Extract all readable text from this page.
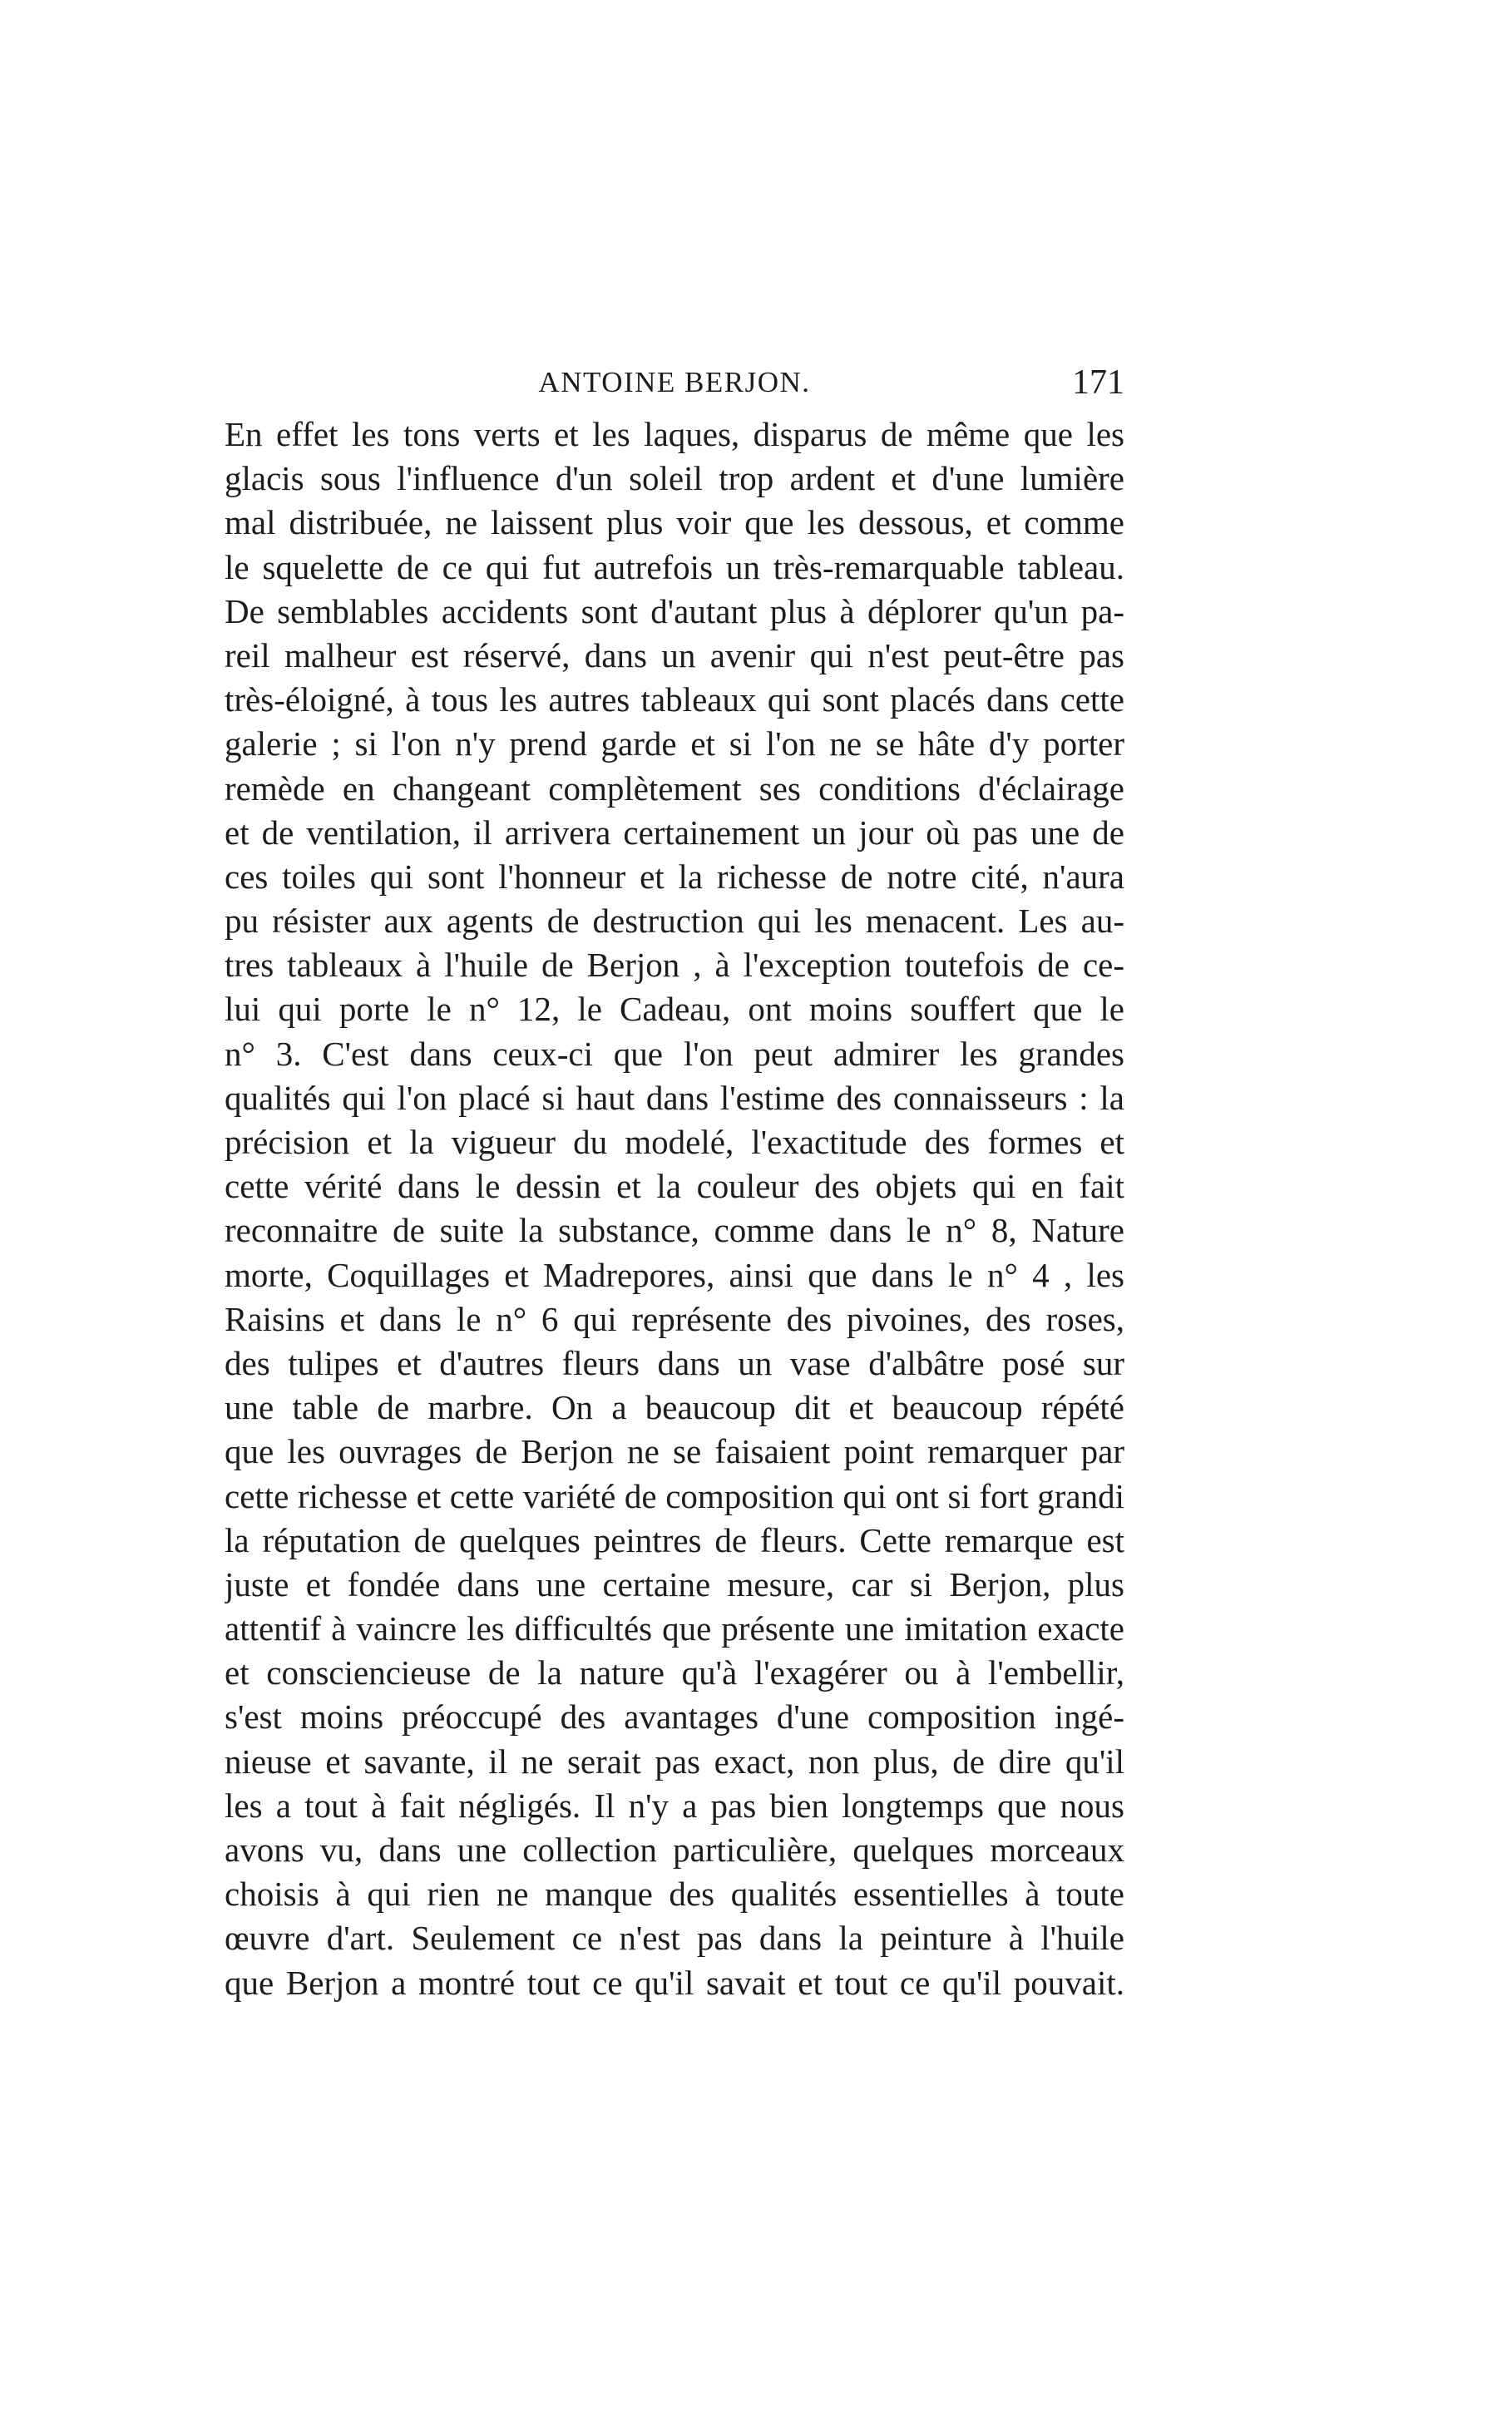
ANTOINE BERJON.	171
En effet les tons verts et les laques, disparus de même que les
glacis sous l'influence d'un soleil trop ardent et d'une lumière
mal distribuée, ne laissent plus voir que les dessous, et comme
le squelette de ce qui fut autrefois un très-remarquable tableau.
De semblables accidents sont d'autant plus à déplorer qu'un pa-
reil malheur est réservé, dans un avenir qui n'est peut-être pas
très-éloigné, à tous les autres tableaux qui sont placés dans cette
galerie ; si l'on n'y prend garde et si l'on ne se hâte d'y porter
remède en changeant complètement ses conditions d'éclairage
et de ventilation, il arrivera certainement un jour où pas une de
ces toiles qui sont l'honneur et la richesse de notre cité, n'aura
pu résister aux agents de destruction qui les menacent. Les au-
tres tableaux à l'huile de Berjon , à l'exception toutefois de ce-
lui qui porte le n° 12, le Cadeau, ont moins souffert que le
n° 3. C'est dans ceux-ci que l'on peut admirer les grandes
qualités qui l'on placé si haut dans l'estime des connaisseurs : la
précision et la vigueur du modelé, l'exactitude des formes et
cette vérité dans le dessin et la couleur des objets qui en fait
reconnaitre de suite la substance, comme dans le n° 8, Nature
morte, Coquillages et Madrepores, ainsi que dans le n° 4 , les
Raisins et dans le n° 6 qui représente des pivoines, des roses,
des tulipes et d'autres fleurs dans un vase d'albâtre posé sur
une table de marbre. On a beaucoup dit et beaucoup répété
que les ouvrages de Berjon ne se faisaient point remarquer par
cette richesse et cette variété de composition qui ont si fort grandi
la réputation de quelques peintres de fleurs. Cette remarque est
juste et fondée dans une certaine mesure, car si Berjon, plus
attentif à vaincre les difficultés que présente une imitation exacte
et consciencieuse de la nature qu'à l'exagérer ou à l'embellir,
s'est moins préoccupé des avantages d'une composition ingé-
nieuse et savante, il ne serait pas exact, non plus, de dire qu'il
les a tout à fait négligés. Il n'y a pas bien longtemps que nous
avons vu, dans une collection particulière, quelques morceaux
choisis à qui rien ne manque des qualités essentielles à toute
œuvre d'art. Seulement ce n'est pas dans la peinture à l'huile
que Berjon a montré tout ce qu'il savait et tout ce qu'il pouvait.
